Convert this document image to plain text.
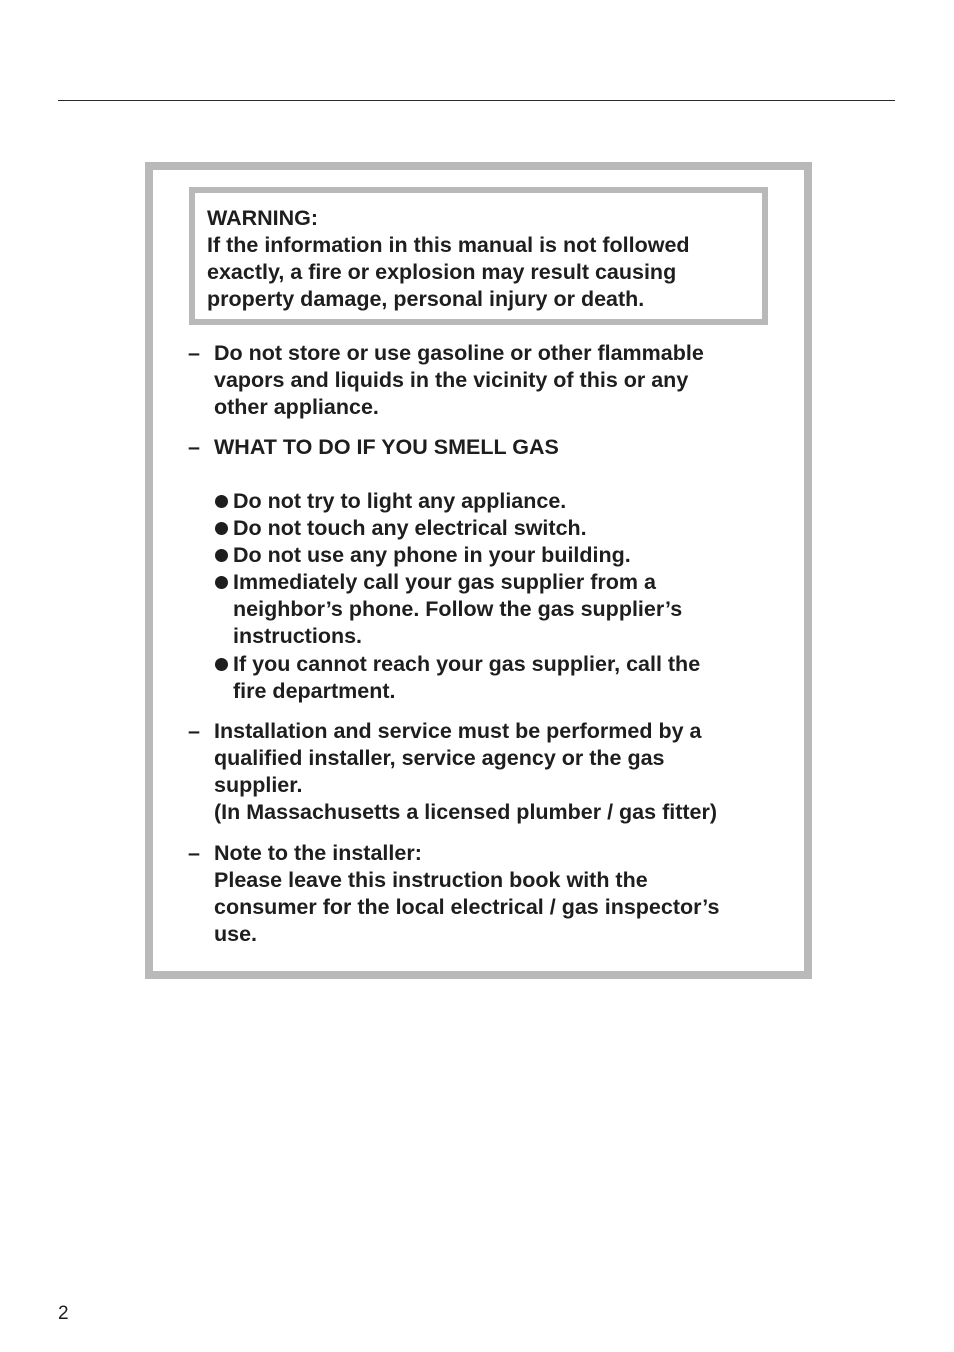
WARNING:

If the information in this manual is not followed
exactly, a fire or explosion may result causing
property damage, personal injury or death.

– Do not store or use gasoline or other flammable
vapors and liquids in the vicinity of this or any
other appliance.

– WHAT TO DO IF YOU SMELL GAS

Do not try to light any appliance.

Do not touch any electrical switch.

Do not use any phone in your building.

Immediately call your gas supplier from a
neighbor’s phone. Follow the gas supplier’s
instructions.

If you cannot reach your gas supplier, call the
fire department.

– Installation and service must be performed by a
qualified installer, service agency or the gas
supplier.
(In Massachusetts a licensed plumber / gas fitter)

– Note to the installer:
Please leave this instruction book with the
consumer for the local electrical / gas inspector’s
use.

2
